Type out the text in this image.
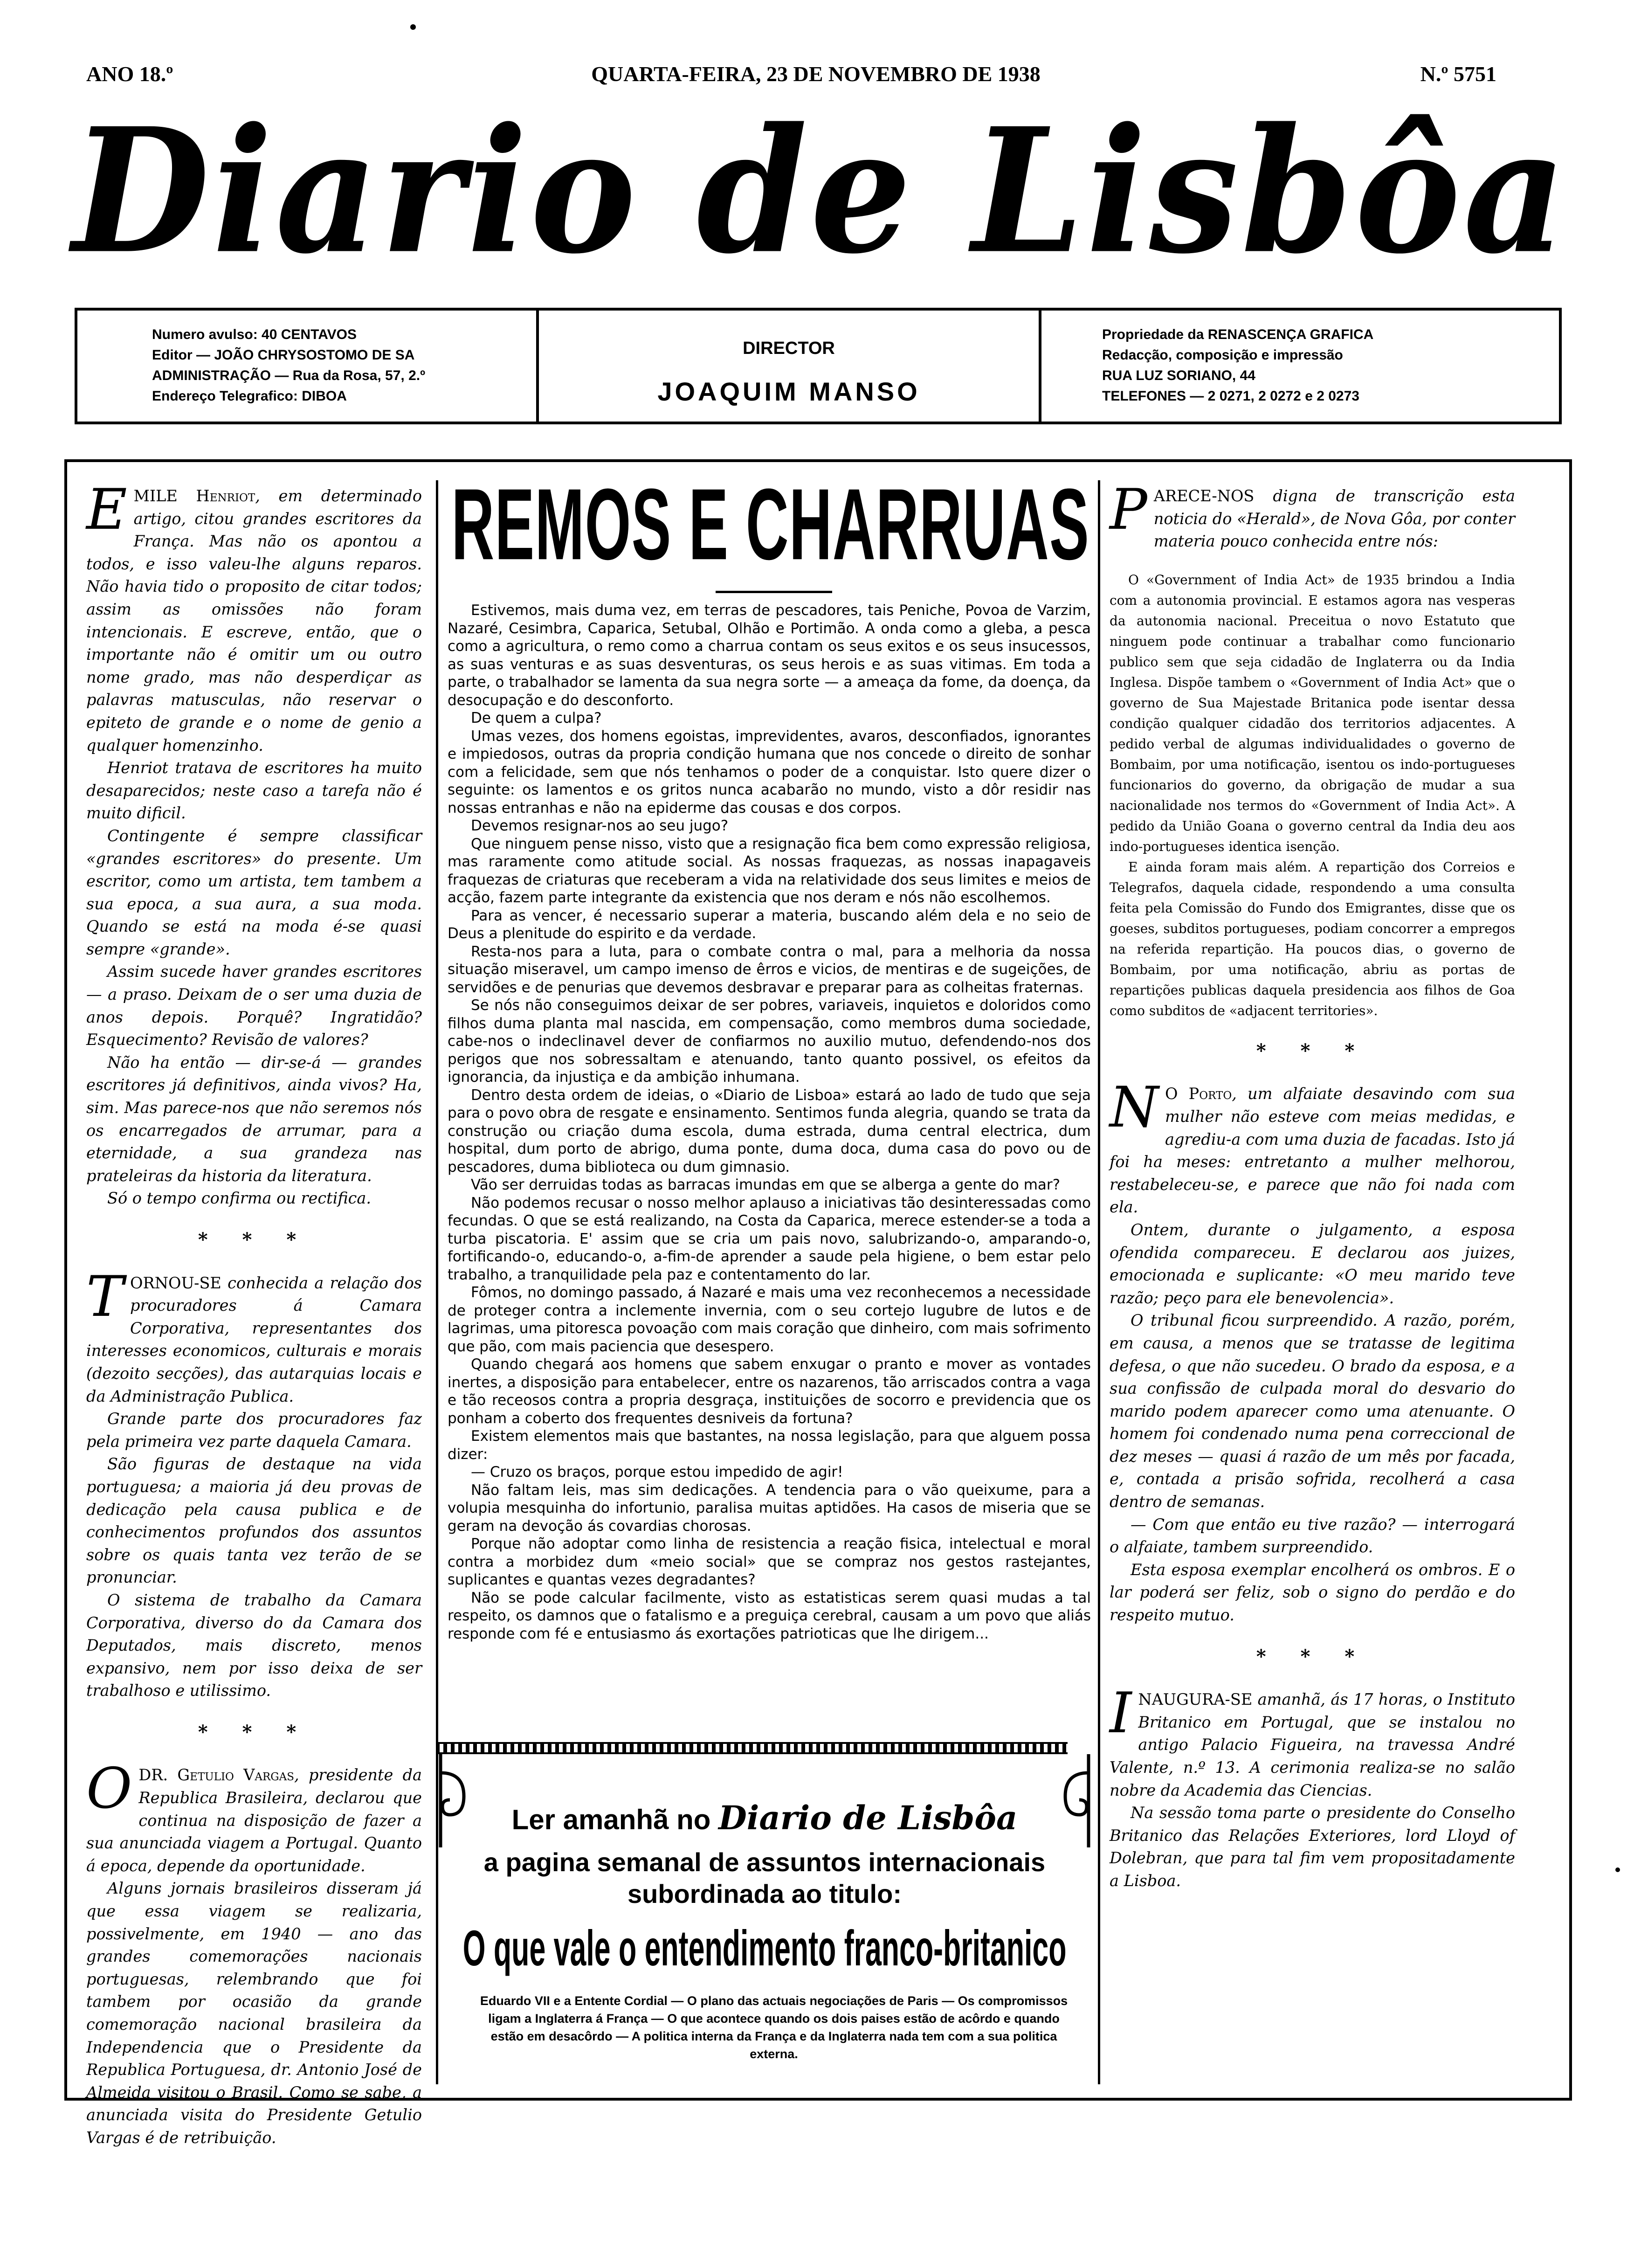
ANO 18.º	QUARTA-FEIRA, 23 DE NOVEMBRO DE 1938	N.º 5751
Diario de Lisbôa
Numero avulso: 40 CENTAVOS
Editor — JOÃO CHRYSOSTOMO DE SA
ADMINISTRAÇÃO — Rua da Rosa, 57, 2.º
Endereço Telegrafico: DIBOA
DIRECTOR
JOAQUIM MANSO
Propriedade da RENASCENÇA GRAFICA
Redacção, composição e impressão
RUA LUZ SORIANO, 44
TELEFONES — 2 0271, 2 0272 e 2 0273

EMILE Henriot, em determinado artigo, citou grandes escritores da França. Mas não os apontou a todos, e isso valeu-lhe alguns reparos. Não havia tido o proposito de citar todos; assim as omissões não foram intencionais. E escreve, então, que o importante não é omitir um ou outro nome grado, mas não desperdiçar as palavras matusculas, não reservar o epiteto de grande e o nome de genio a qualquer homenzinho.

Henriot tratava de escritores ha muito desaparecidos; neste caso a tarefa não é muito dificil.

Contingente é sempre classificar «grandes escritores» do presente. Um escritor, como um artista, tem tambem a sua epoca, a sua aura, a sua moda. Quando se está na moda é-se quasi sempre «grande».

Assim sucede haver grandes escritores — a praso. Deixam de o ser uma duzia de anos depois. Porquê? Ingratidão? Esquecimento? Revisão de valores?

Não ha então — dir-se-á — grandes escritores já definitivos, ainda vivos? Ha, sim. Mas parece-nos que não seremos nós os encarregados de arrumar, para a eternidade, a sua grandeza nas prateleiras da historia da literatura.

Só o tempo confirma ou rectifica.

* * *

TORNOU-SE conhecida a relação dos procuradores á Camara Corporativa, representantes dos interesses economicos, culturais e morais (dezoito secções), das autarquias locais e da Administração Publica.

Grande parte dos procuradores faz pela primeira vez parte daquela Camara.

São figuras de destaque na vida portuguesa; a maioria já deu provas de dedicação pela causa publica e de conhecimentos profundos dos assuntos sobre os quais tanta vez terão de se pronunciar.

O sistema de trabalho da Camara Corporativa, diverso do da Camara dos Deputados, mais discreto, menos expansivo, nem por isso deixa de ser trabalhoso e utilissimo.

* * *

ODR. Getulio Vargas, presidente da Republica Brasileira, declarou que continua na disposição de fazer a sua anunciada viagem a Portugal. Quanto á epoca, depende da oportunidade.

Alguns jornais brasileiros disseram já que essa viagem se realizaria, possivelmente, em 1940 — ano das grandes comemorações nacionais portuguesas, relembrando que foi tambem por ocasião da grande comemoração nacional brasileira da Independencia que o Presidente da Republica Portuguesa, dr. Antonio José de Almeida visitou o Brasil. Como se sabe, a anunciada visita do Presidente Getulio Vargas é de retribuição.

REMOS E CHARRUAS

Estivemos, mais duma vez, em terras de pescadores, tais Peniche, Povoa de Varzim, Nazaré, Cesimbra, Caparica, Setubal, Olhão e Portimão. A onda como a gleba, a pesca como a agricultura, o remo como a charrua contam os seus exitos e os seus insucessos, as suas venturas e as suas desventuras, os seus herois e as suas vitimas. Em toda a parte, o trabalhador se lamenta da sua negra sorte — a ameaça da fome, da doença, da desocupação e do desconforto.

De quem a culpa?

Umas vezes, dos homens egoistas, imprevidentes, avaros, desconfiados, ignorantes e impiedosos, outras da propria condição humana que nos concede o direito de sonhar com a felicidade, sem que nós tenhamos o poder de a conquistar. Isto quere dizer o seguinte: os lamentos e os gritos nunca acabarão no mundo, visto a dôr residir nas nossas entranhas e não na epiderme das cousas e dos corpos.

Devemos resignar-nos ao seu jugo?

Que ninguem pense nisso, visto que a resignação fica bem como expressão religiosa, mas raramente como atitude social. As nossas fraquezas, as nossas inapagaveis fraquezas de criaturas que receberam a vida na relatividade dos seus limites e meios de acção, fazem parte integrante da existencia que nos deram e nós não escolhemos.

Para as vencer, é necessario superar a materia, buscando além dela e no seio de Deus a plenitude do espirito e da verdade.

Resta-nos para a luta, para o combate contra o mal, para a melhoria da nossa situação miseravel, um campo imenso de êrros e vicios, de mentiras e de sugeições, de servidões e de penurias que devemos desbravar e preparar para as colheitas fraternas.

Se nós não conseguimos deixar de ser pobres, variaveis, inquietos e doloridos como filhos duma planta mal nascida, em compensação, como membros duma sociedade, cabe-nos o indeclinavel dever de confiarmos no auxilio mutuo, defendendo-nos dos perigos que nos sobressaltam e atenuando, tanto quanto possivel, os efeitos da ignorancia, da injustiça e da ambição inhumana.

Dentro desta ordem de ideias, o «Diario de Lisboa» estará ao lado de tudo que seja para o povo obra de resgate e ensinamento. Sentimos funda alegria, quando se trata da construção ou criação duma escola, duma estrada, duma central electrica, dum hospital, dum porto de abrigo, duma ponte, duma doca, duma casa do povo ou de pescadores, duma biblioteca ou dum gimnasio.

Vão ser derruidas todas as barracas imundas em que se alberga a gente do mar?

Não podemos recusar o nosso melhor aplauso a iniciativas tão desinteressadas como fecundas. O que se está realizando, na Costa da Caparica, merece estender-se a toda a turba piscatoria. E' assim que se cria um pais novo, salubrizando-o, amparando-o, fortificando-o, educando-o, a-fim-de aprender a saude pela higiene, o bem estar pelo trabalho, a tranquilidade pela paz e contentamento do lar.

Fômos, no domingo passado, á Nazaré e mais uma vez reconhecemos a necessidade de proteger contra a inclemente invernia, com o seu cortejo lugubre de lutos e de lagrimas, uma pitoresca povoação com mais coração que dinheiro, com mais sofrimento que pão, com mais paciencia que desespero.

Quando chegará aos homens que sabem enxugar o pranto e mover as vontades inertes, a disposição para entabelecer, entre os nazarenos, tão arriscados contra a vaga e tão receosos contra a propria desgraça, instituições de socorro e previdencia que os ponham a coberto dos frequentes desniveis da fortuna?

Existem elementos mais que bastantes, na nossa legislação, para que alguem possa dizer:

— Cruzo os braços, porque estou impedido de agir!

Não faltam leis, mas sim dedicações. A tendencia para o vão queixume, para a volupia mesquinha do infortunio, paralisa muitas aptidões. Ha casos de miseria que se geram na devoção ás covardias chorosas.

Porque não adoptar como linha de resistencia a reação fisica, intelectual e moral contra a morbidez dum «meio social» que se compraz nos gestos rastejantes, suplicantes e quantas vezes degradantes?

Não se pode calcular facilmente, visto as estatisticas serem quasi mudas a tal respeito, os damnos que o fatalismo e a preguiça cerebral, causam a um povo que aliás responde com fé e entusiasmo ás exortações patrioticas que lhe dirigem...

Ler amanhã no Diario de Lisbôa
a pagina semanal de assuntos internacionais
subordinada ao titulo:
O que vale o entendimento franco-britanico
Eduardo VII e a Entente Cordial — O plano das actuais negociações de Paris — Os compromissos ligam a Inglaterra á França — O que acontece quando os dois paises estão de acôrdo e quando estão em desacôrdo — A politica interna da França e da Inglaterra nada tem com a sua politica externa.

PARECE-NOS digna de transcrição esta noticia do «Herald», de Nova Gôa, por conter materia pouco conhecida entre nós:

O «Government of India Act» de 1935 brindou a India com a autonomia provincial. E estamos agora nas vesperas da autonomia nacional. Preceitua o novo Estatuto que ninguem pode continuar a trabalhar como funcionario publico sem que seja cidadão de Inglaterra ou da India Inglesa. Dispõe tambem o «Government of India Act» que o governo de Sua Majestade Britanica pode isentar dessa condição qualquer cidadão dos territorios adjacentes. A pedido verbal de algumas individualidades o governo de Bombaim, por uma notificação, isentou os indo-portugueses funcionarios do governo, da obrigação de mudar a sua nacionalidade nos termos do «Government of India Act». A pedido da União Goana o governo central da India deu aos indo-portugueses identica isenção.

E ainda foram mais além. A repartição dos Correios e Telegrafos, daquela cidade, respondendo a uma consulta feita pela Comissão do Fundo dos Emigrantes, disse que os goeses, subditos portugueses, podiam concorrer a empregos na referida repartição. Ha poucos dias, o governo de Bombaim, por uma notificação, abriu as portas de repartições publicas daquela presidencia aos filhos de Goa como subditos de «adjacent territories».

* * *

N O Porto, um alfaiate desavindo com sua mulher não esteve com meias medidas, e agrediu-a com uma duzia de facadas. Isto já foi ha meses: entretanto a mulher melhorou, restabeleceu-se, e parece que não foi nada com ela.

Ontem, durante o julgamento, a esposa ofendida compareceu. E declarou aos juizes, emocionada e suplicante: «O meu marido teve razão; peço para ele benevolencia».

O tribunal ficou surpreendido. A razão, porém, em causa, a menos que se tratasse de legitima defesa, o que não sucedeu. O brado da esposa, e a sua confissão de culpada moral do desvario do marido podem aparecer como uma atenuante. O homem foi condenado numa pena correccional de dez meses — quasi á razão de um mês por facada, e, contada a prisão sofrida, recolherá a casa dentro de semanas.

— Com que então eu tive razão? — interrogará o alfaiate, tambem surpreendido.

Esta esposa exemplar encolherá os ombros. E o lar poderá ser feliz, sob o signo do perdão e do respeito mutuo.

* * *

INAUGURA-SE amanhã, ás 17 horas, o Instituto Britanico em Portugal, que se instalou no antigo Palacio Figueira, na travessa André Valente, n.º 13. A cerimonia realiza-se no salão nobre da Academia das Ciencias.

Na sessão toma parte o presidente do Conselho Britanico das Relações Exteriores, lord Lloyd of Dolebran, que para tal fim vem propositadamente a Lisboa.
